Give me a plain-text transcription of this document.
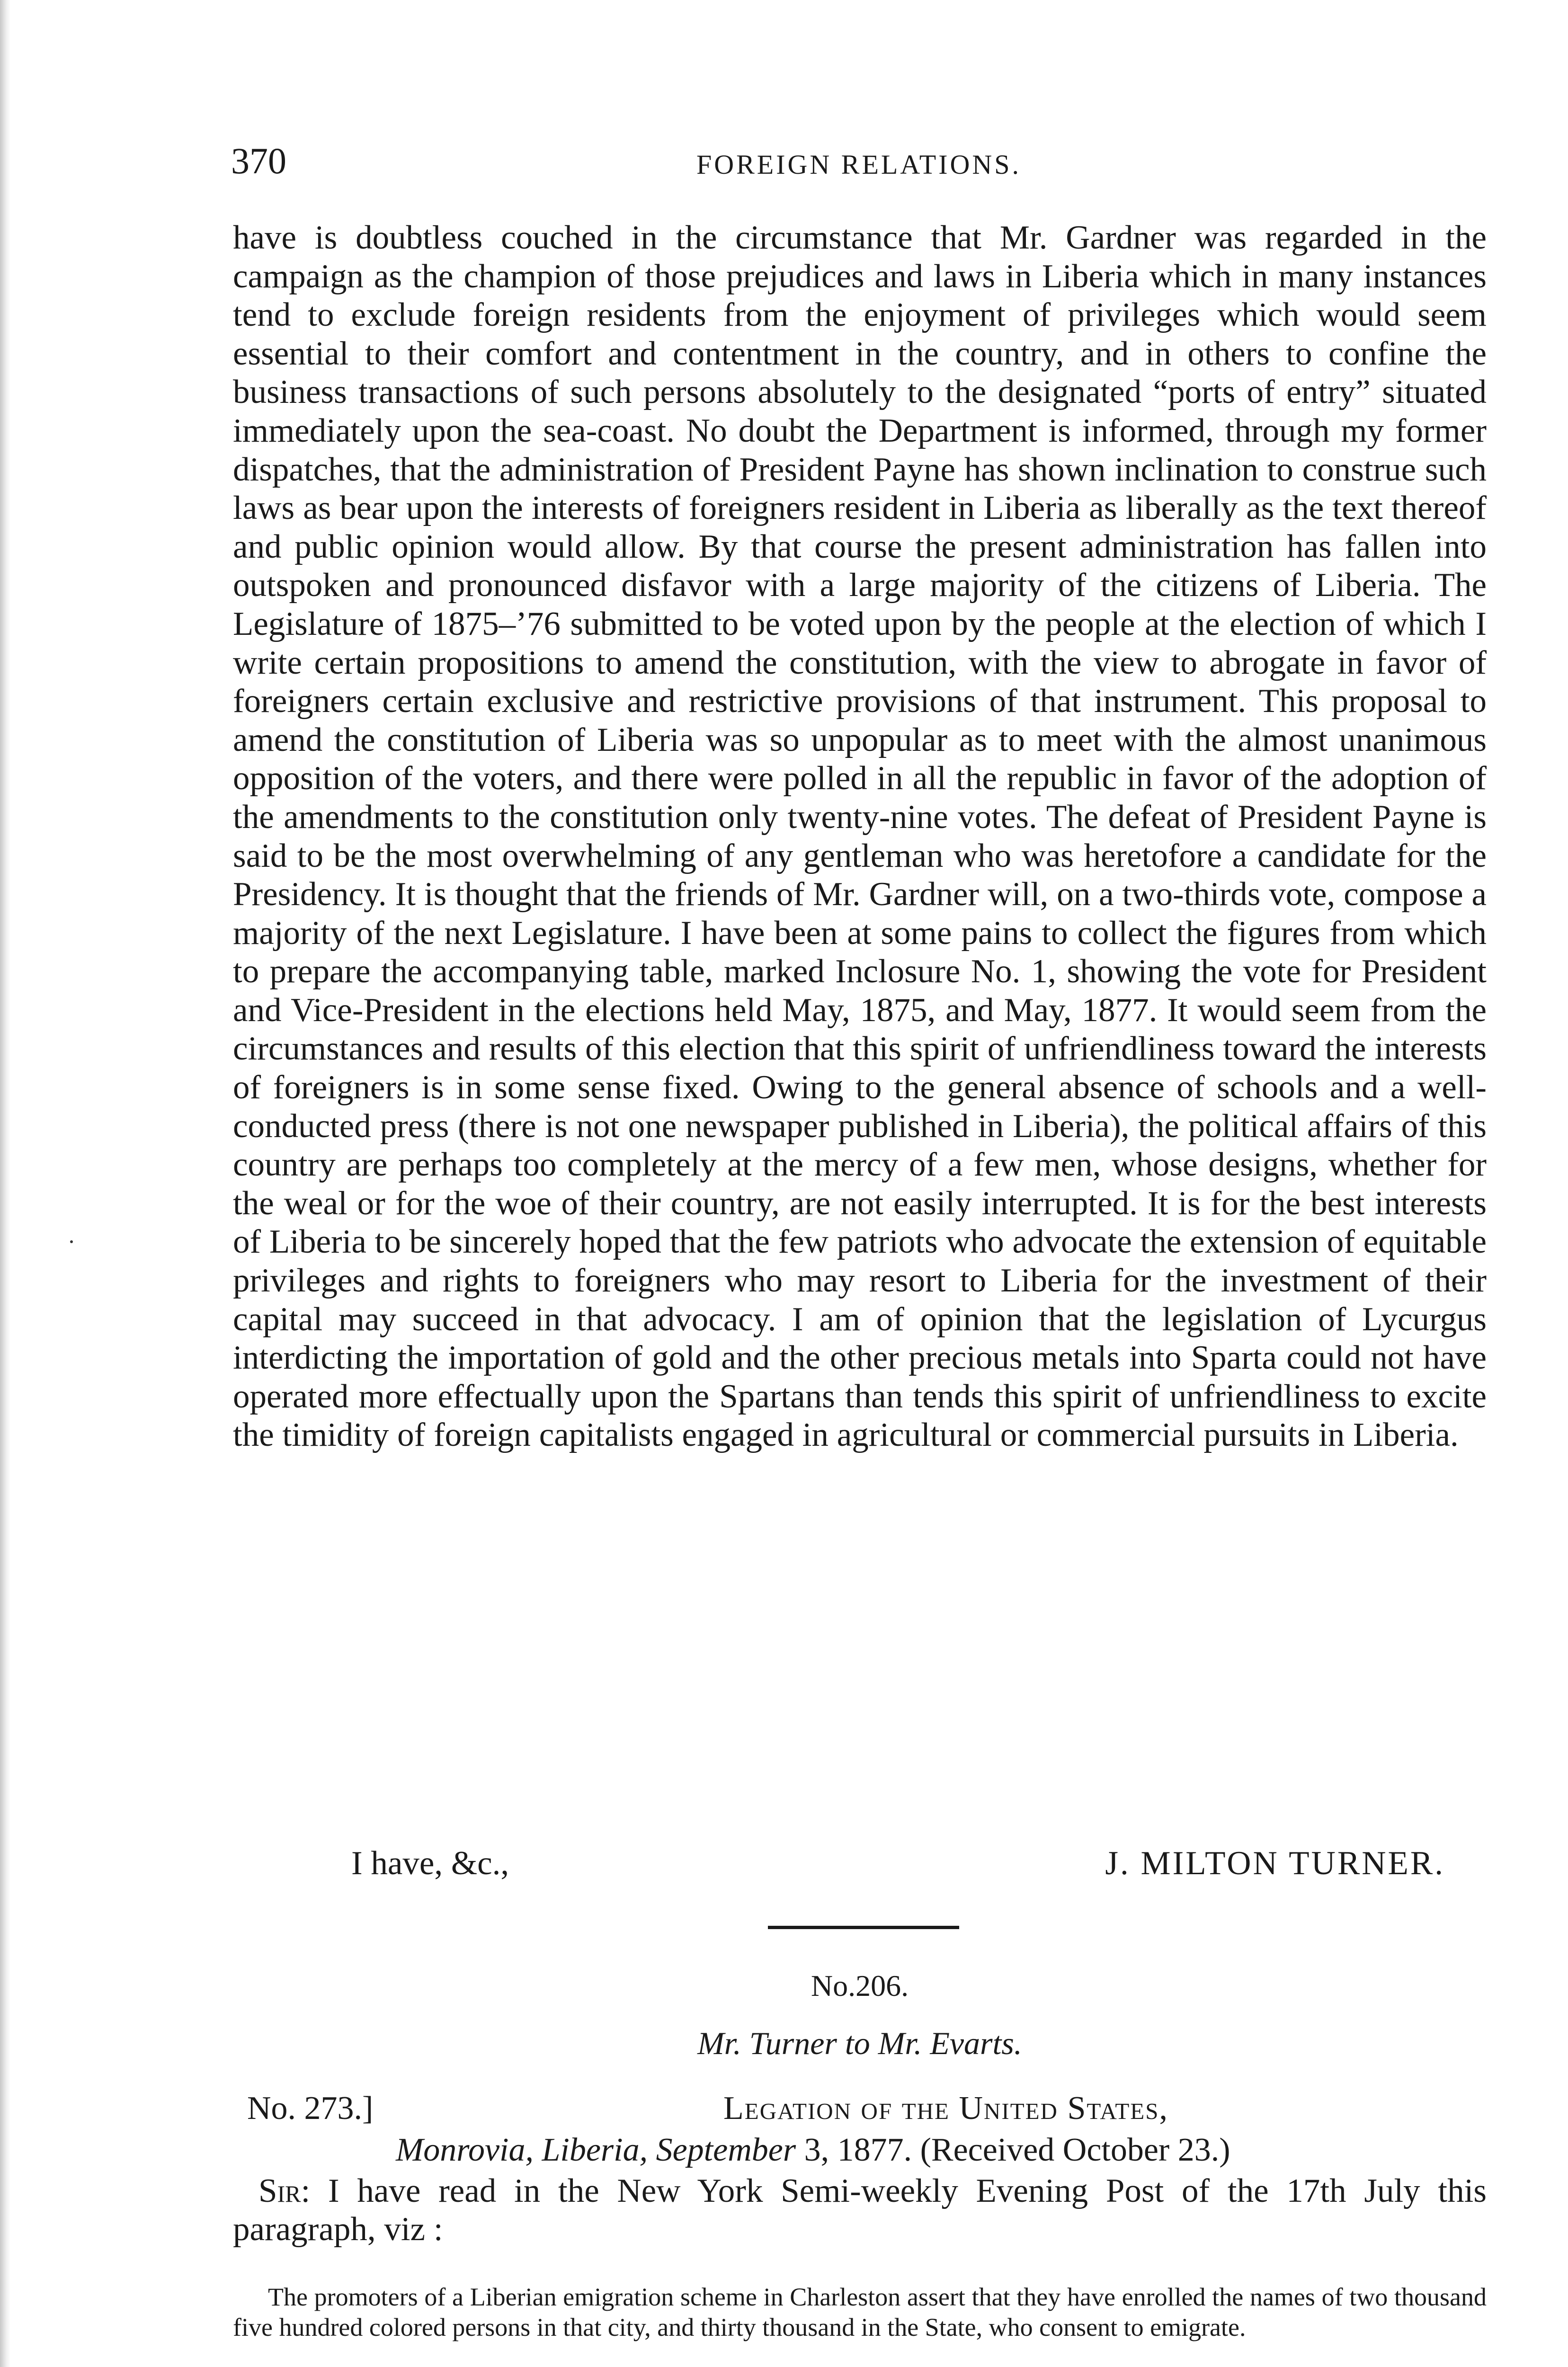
370	FOREIGN RELATIONS.

have is doubtless couched in the circumstance that Mr. Gardner was regarded in the campaign as the champion of those prejudices and laws in Liberia which in many instances tend to exclude foreign residents from the enjoyment of privileges which would seem essential to their comfort and contentment in the country, and in others to confine the business transactions of such persons absolutely to the designated “ports of entry” situated immediately upon the sea-coast. No doubt the Department is informed, through my former dispatches, that the administration of President Payne has shown inclination to construe such laws as bear upon the interests of foreigners resident in Liberia as liberally as the text thereof and public opinion would allow. By that course the present administration has fallen into outspoken and pronounced disfavor with a large majority of the citizens of Liberia. The Legislature of 1875–’76 submitted to be voted upon by the people at the election of which I write certain propositions to amend the constitution, with the view to abrogate in favor of foreigners certain exclusive and restrictive provisions of that instrument. This proposal to amend the constitution of Liberia was so unpopular as to meet with the almost unanimous opposition of the voters, and there were polled in all the republic in favor of the adoption of the amendments to the constitution only twenty-nine votes. The defeat of President Payne is said to be the most overwhelming of any gentleman who was heretofore a candidate for the Presidency. It is thought that the friends of Mr. Gardner will, on a two-thirds vote, compose a majority of the next Legislature. I have been at some pains to collect the figures from which to prepare the accompanying table, marked Inclosure No. 1, showing the vote for President and Vice-President in the elections held May, 1875, and May, 1877. It would seem from the circumstances and results of this election that this spirit of unfriendliness toward the interests of foreigners is in some sense fixed. Owing to the general absence of schools and a well-conducted press (there is not one newspaper published in Liberia), the political affairs of this country are perhaps too completely at the mercy of a few men, whose designs, whether for the weal or for the woe of their country, are not easily interrupted. It is for the best interests of Liberia to be sincerely hoped that the few patriots who advocate the extension of equitable privileges and rights to foreigners who may resort to Liberia for the investment of their capital may succeed in that advocacy. I am of opinion that the legislation of Lycurgus interdicting the importation of gold and the other precious metals into Sparta could not have operated more effectually upon the Spartans than tends this spirit of unfriendliness to excite the timidity of foreign capitalists engaged in agricultural or commercial pursuits in Liberia.

I have, &c.,	J. MILTON TURNER.
No.206.
Mr. Turner to Mr. Evarts.
No. 273.]	Legation of the United States,
Monrovia, Liberia, September 3, 1877. (Received October 23.)
Sir: I have read in the New York Semi-weekly Evening Post of the 17th July this paragraph, viz :
The promoters of a Liberian emigration scheme in Charleston assert that they have enrolled the names of two thousand five hundred colored persons in that city, and thirty thousand in the State, who consent to emigrate.
